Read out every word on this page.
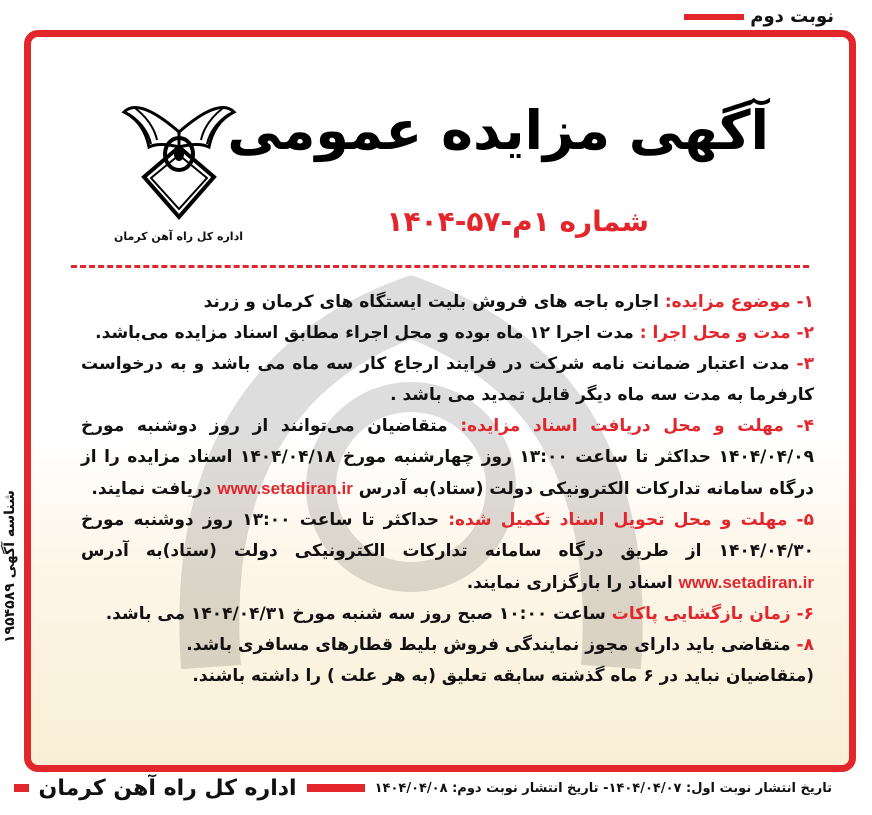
اداره کل راه آهن کرمان
آگهی مزایده عمومی
شماره ۱م-۵۷-۱۴۰۴

۱- موضوع مزایده: اجاره باجه های فروش بلیت ایستگاه های کرمان و زرند

۲- مدت و محل اجرا : مدت اجرا ۱۲ ماه بوده و محل اجراء مطابق اسناد مزایده می‌باشد.

۳- مدت اعتبار ضمانت نامه شرکت در فرایند ارجاع کار سه ماه می باشد و به درخواست کارفرما به مدت سه ماه دیگر قابل تمدید می باشد .

۴- مهلت و محل دریافت اسناد مزایده: متقاضیان می‌توانند از روز دوشنبه مورخ ۱۴۰۴/۰۴/۰۹ حداکثر تا ساعت ۱۳:۰۰ روز چهارشنبه مورخ ۱۴۰۴/۰۴/۱۸ اسناد مزایده را از درگاه سامانه تدارکات الکترونیکی دولت (ستاد)به آدرس www.setadiran.ir دریافت نمایند.

۵- مهلت و محل تحویل اسناد تکمیل شده: حداکثر تا ساعت ۱۳:۰۰ روز دوشنبه مورخ ۱۴۰۴/۰۴/۳۰ از طریق درگاه سامانه تدارکات الکترونیکی دولت (ستاد)به آدرس www.setadiran.ir اسناد را بارگزاری نمایند.

۶- زمان بازگشایی پاکات ساعت ۱۰:۰۰ صبح روز سه شنبه مورخ ۱۴۰۴/۰۴/۳۱ می باشد.

۸- متقاضی باید دارای مجوز نمایندگی فروش بلیط قطارهای مسافری باشد.

(متقاضیان نباید در ۶ ماه گذشته سابقه تعلیق (به هر علت ) را داشته باشند.

نوبت دوم
شناسه آگهی ۱۹۵۴۵۸۹
تاریخ انتشار نوبت اول: ۱۴۰۴/۰۴/۰۷- تاریخ انتشار نوبت دوم: ۱۴۰۴/۰۴/۰۸
اداره کل راه آهن کرمان
